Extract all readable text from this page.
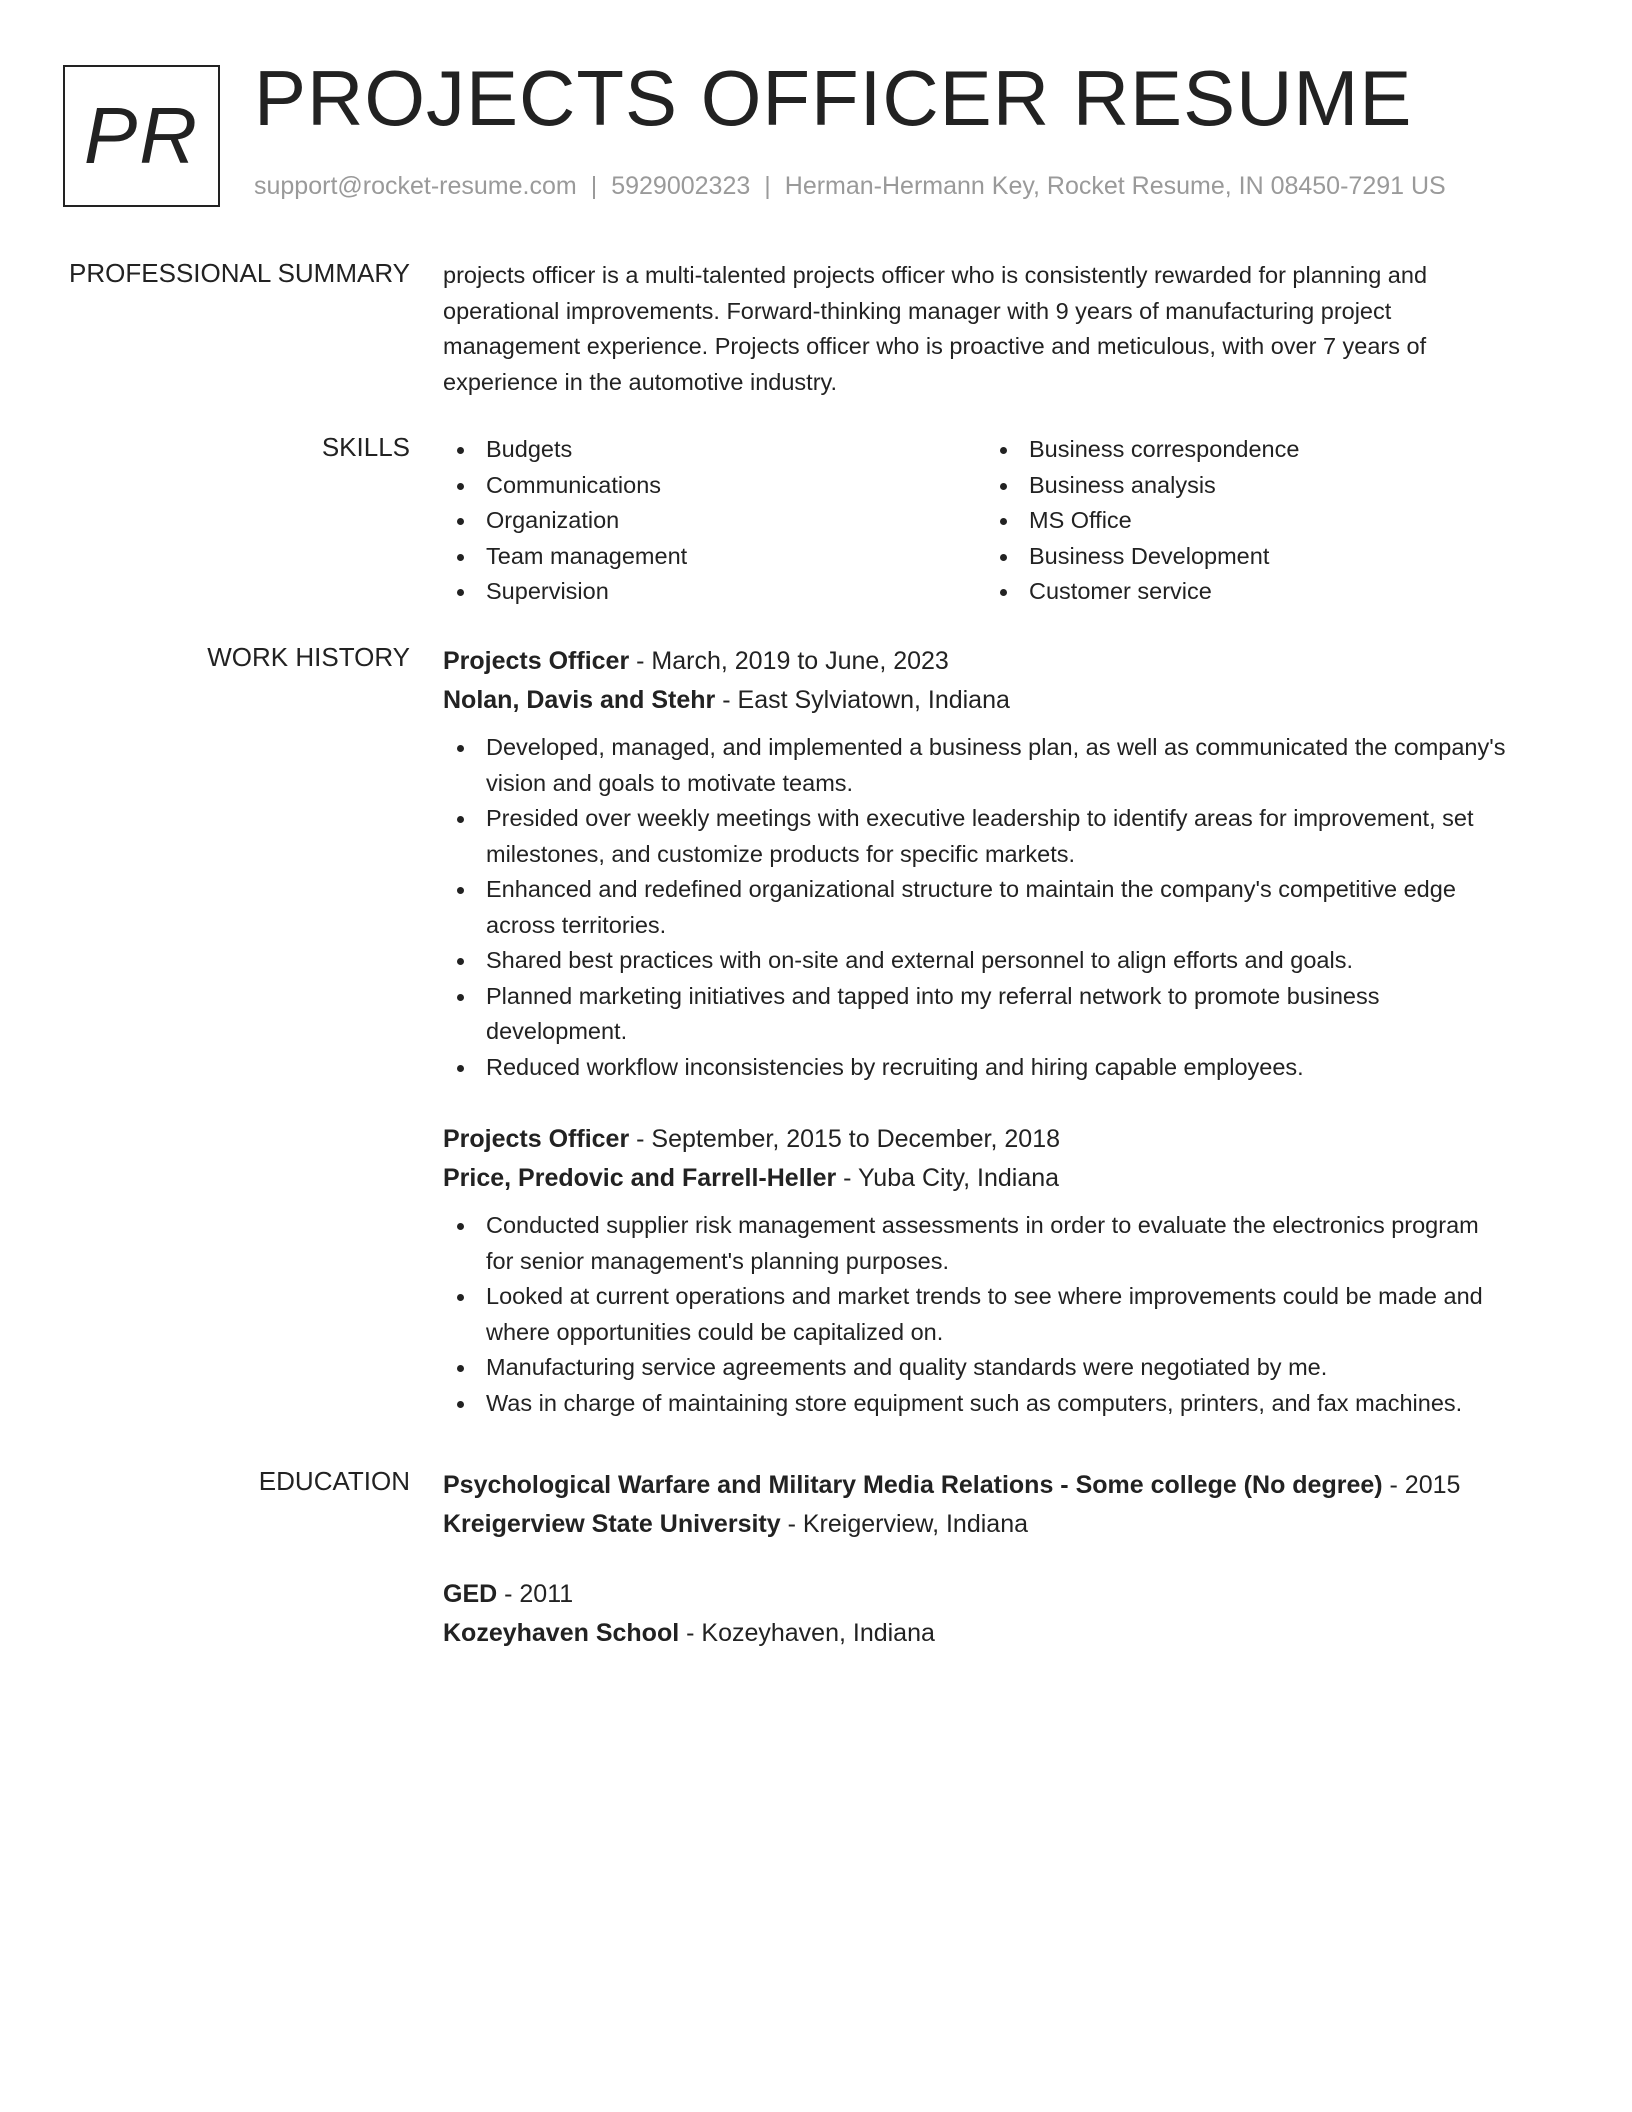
PR PROJECTS OFFICER RESUME
support@rocket-resume.com | 5929002323 | Herman-Hermann Key, Rocket Resume, IN 08450-7291 US
PROFESSIONAL SUMMARY projects officer is a multi-talented projects officer who is consistently rewarded for planning and
operational improvements. Forward-thinking manager with 9 years of manufacturing project
management experience. Projects officer who is proactive and meticulous, with over 7 years of
experience in the automotive industry.
SKILLS	Budgets
Communications
Organization
Team management
Supervision
Business correspondence
Business analysis
MS Office
Business Development
Customer service
WORK HISTORY Projects Officer - March, 2019 to June, 2023
Nolan, Davis and Stehr - East Sylviatown, Indiana
Developed, managed, and implemented a business plan, as well as communicated the company's
vision and goals to motivate teams.
Presided over weekly meetings with executive leadership to identify areas for improvement, set
milestones, and customize products for specific markets.
Enhanced and redefined organizational structure to maintain the company's competitive edge
across territories.
Shared best practices with on-site and external personnel to align efforts and goals.
Planned marketing initiatives and tapped into my referral network to promote business
development.
Reduced workflow inconsistencies by recruiting and hiring capable employees.
Projects Officer - September, 2015 to December, 2018
Price, Predovic and Farrell-Heller - Yuba City, Indiana
Conducted supplier risk management assessments in order to evaluate the electronics program
for senior management's planning purposes.
Looked at current operations and market trends to see where improvements could be made and
where opportunities could be capitalized on.
Manufacturing service agreements and quality standards were negotiated by me.
Was in charge of maintaining store equipment such as computers, printers, and fax machines.
EDUCATION Psychological Warfare and Military Media Relations - Some college (No degree) - 2015
Kreigerview State University - Kreigerview, Indiana
GED - 2011
Kozeyhaven School - Kozeyhaven, Indiana
